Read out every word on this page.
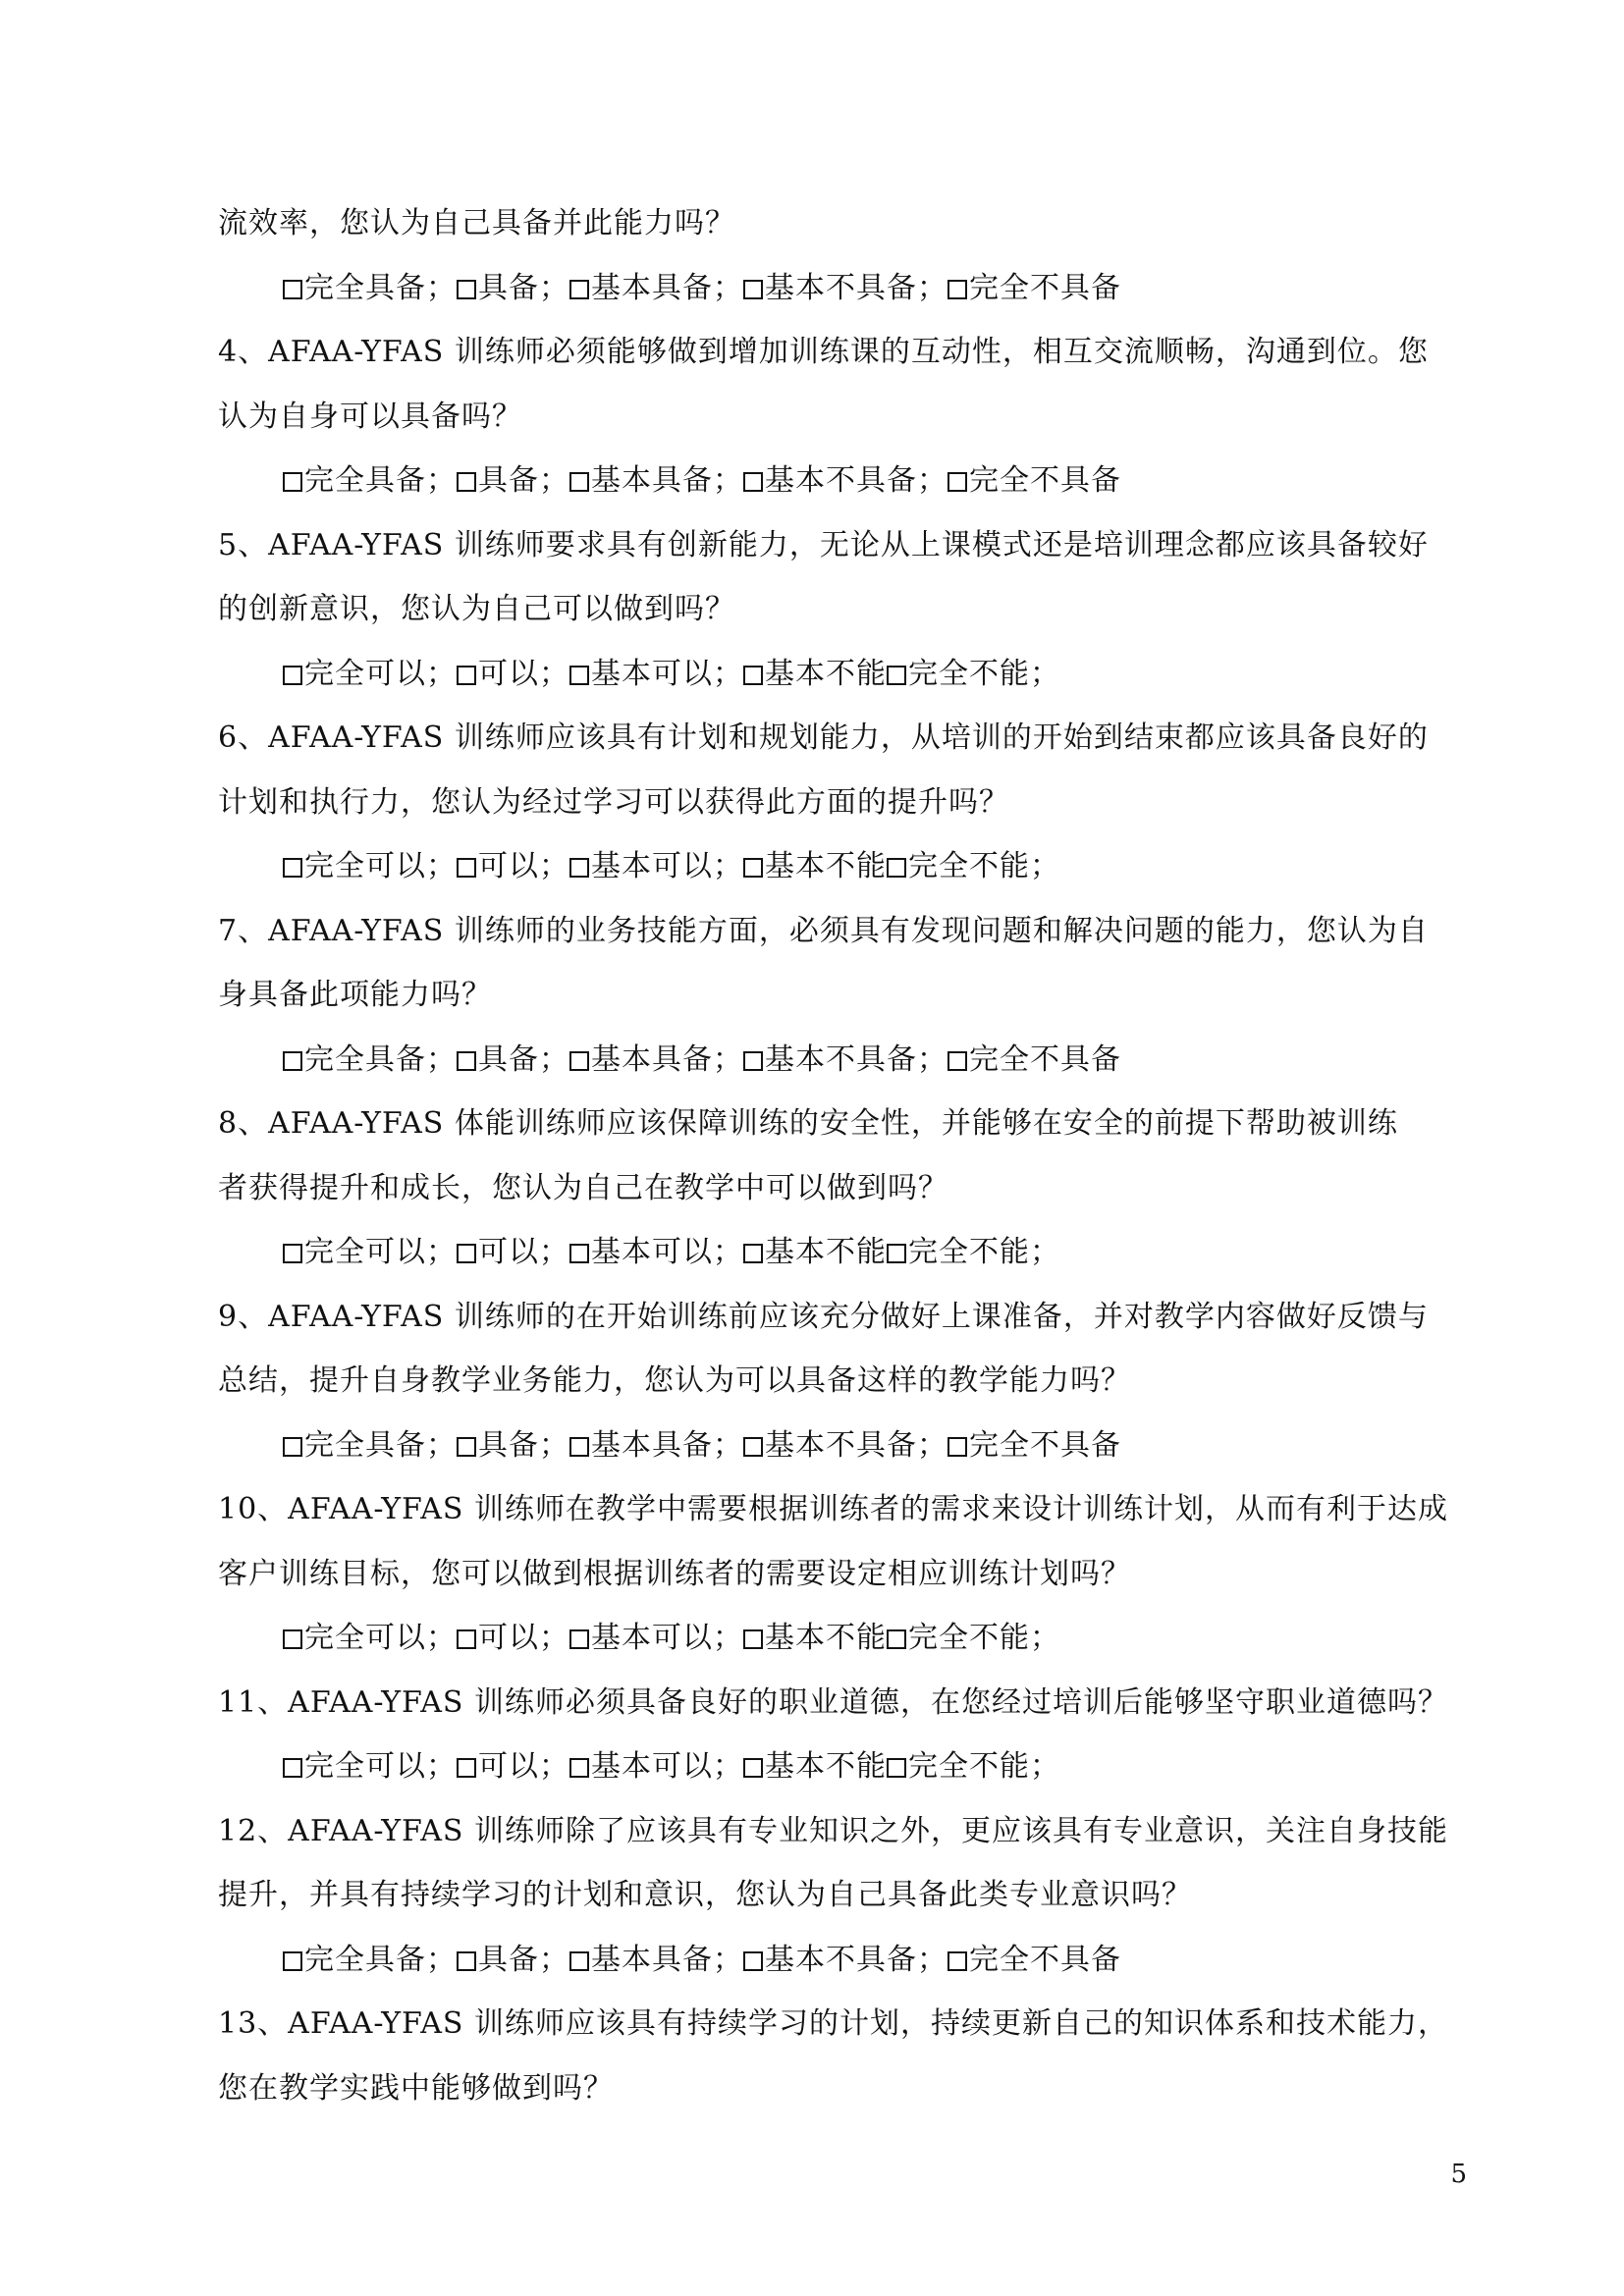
流效率，您认为自己具备并此能力吗？
完全具备； 具备； 基本具备； 基本不具备； 完全不具备
4、AFAA-YFAS 训练师必须能够做到增加训练课的互动性，相互交流顺畅，沟通到位。您
认为自身可以具备吗？
完全具备； 具备； 基本具备； 基本不具备； 完全不具备
5、AFAA-YFAS 训练师要求具有创新能力，无论从上课模式还是培训理念都应该具备较好
的创新意识，您认为自己可以做到吗？
完全可以； 可以； 基本可以； 基本不能完全不能；
6、AFAA-YFAS 训练师应该具有计划和规划能力，从培训的开始到结束都应该具备良好的
计划和执行力，您认为经过学习可以获得此方面的提升吗？
完全可以； 可以； 基本可以； 基本不能完全不能；
7、AFAA-YFAS 训练师的业务技能方面，必须具有发现问题和解决问题的能力，您认为自
身具备此项能力吗？
完全具备； 具备； 基本具备； 基本不具备； 完全不具备
8、AFAA-YFAS 体能训练师应该保障训练的安全性，并能够在安全的前提下帮助被训练
者获得提升和成长，您认为自己在教学中可以做到吗？
完全可以； 可以； 基本可以； 基本不能完全不能；
9、AFAA-YFAS 训练师的在开始训练前应该充分做好上课准备，并对教学内容做好反馈与
总结，提升自身教学业务能力，您认为可以具备这样的教学能力吗？
完全具备； 具备； 基本具备； 基本不具备； 完全不具备
10、AFAA-YFAS 训练师在教学中需要根据训练者的需求来设计训练计划，从而有利于达成
客户训练目标，您可以做到根据训练者的需要设定相应训练计划吗？
完全可以； 可以； 基本可以； 基本不能完全不能；
11、AFAA-YFAS 训练师必须具备良好的职业道德，在您经过培训后能够坚守职业道德吗？
完全可以； 可以； 基本可以； 基本不能完全不能；
12、AFAA-YFAS 训练师除了应该具有专业知识之外，更应该具有专业意识，关注自身技能
提升，并具有持续学习的计划和意识，您认为自己具备此类专业意识吗？
完全具备； 具备； 基本具备； 基本不具备； 完全不具备
13、AFAA-YFAS 训练师应该具有持续学习的计划，持续更新自己的知识体系和技术能力，
您在教学实践中能够做到吗？
5
